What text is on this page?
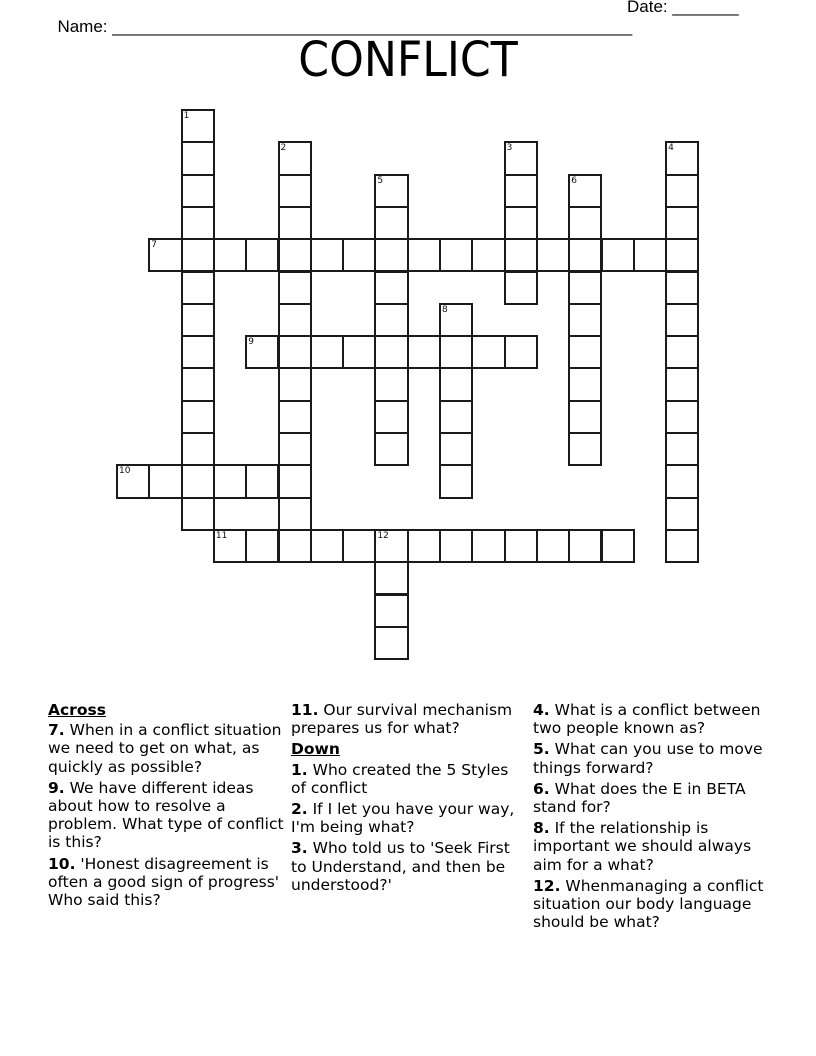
Name: _______________________________________________________

Date: _______

CONFLICT
1
2	3	4
5	6
7
8
9
10
11	12
Across
7. When in a conflict situation we need to get on what, as quickly as possible?
9. We have different ideas about how to resolve a problem. What type of conflict is this?
10. 'Honest disagreement is often a good sign of progress' Who said this?
11. Our survival mechanism prepares us for what?
Down
1. Who created the 5 Styles of conflict
2. If I let you have your way, I'm being what?
3. Who told us to 'Seek First to Understand, and then be understood?'
4. What is a conflict between two people known as?
5. What can you use to move things forward?
6. What does the E in BETA stand for?
8. If the relationship is important we should always aim for a what?
12. Whenmanaging a conflict situation our body language should be what?
